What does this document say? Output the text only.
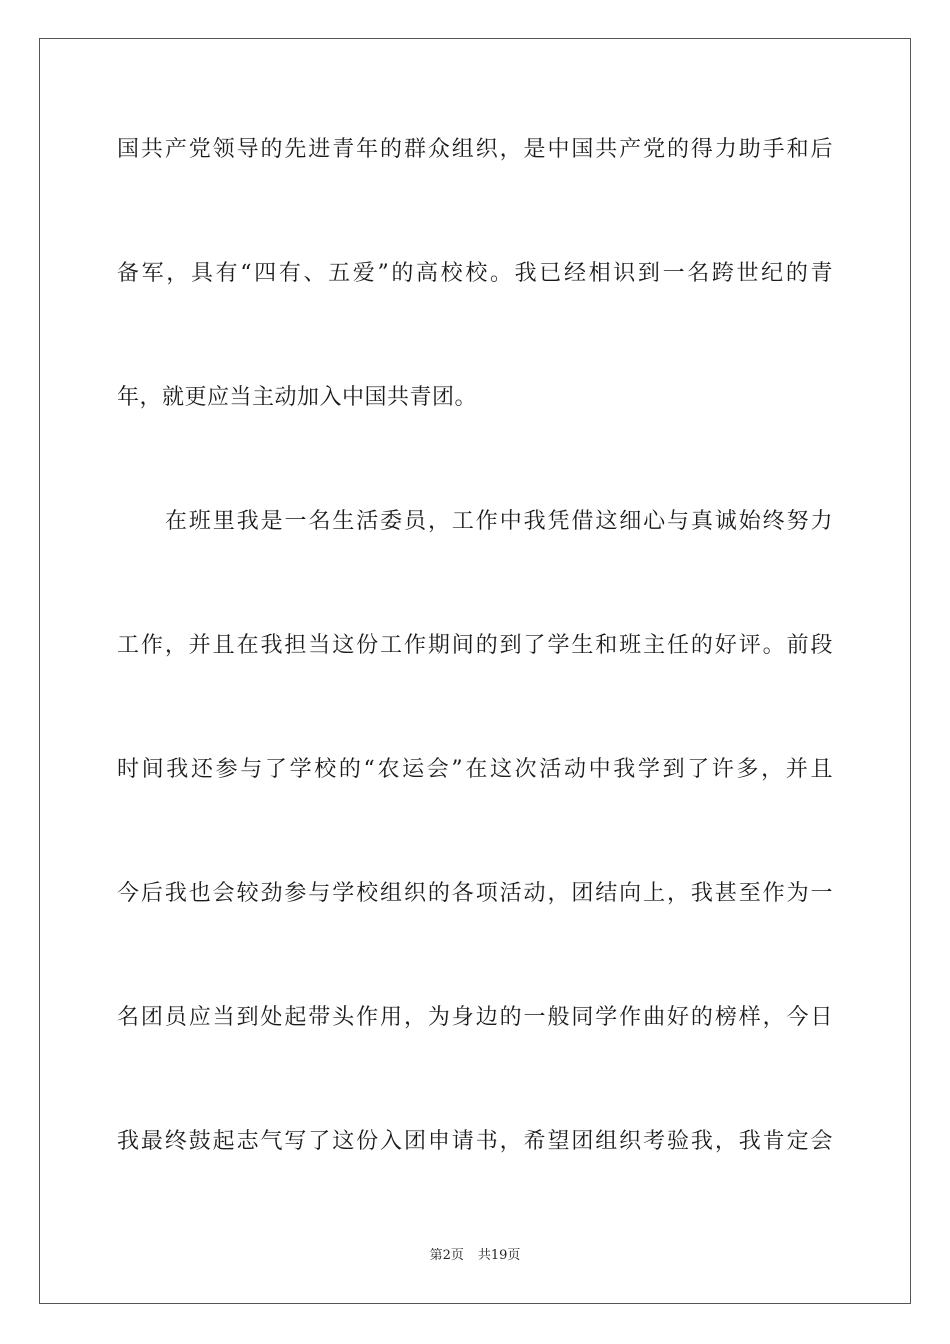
国共产党领导的先进青年的群众组织，是中国共产党的得力助手和后
备军，具有“四有、五爱”的高校校。我已经相识到一名跨世纪的青
年，就更应当主动加入中国共青团。
在班里我是一名生活委员，工作中我凭借这细心与真诚始终努力
工作，并且在我担当这份工作期间的到了学生和班主任的好评。前段
时间我还参与了学校的“农运会”在这次活动中我学到了许多，并且
今后我也会较劲参与学校组织的各项活动，团结向上，我甚至作为一
名团员应当到处起带头作用，为身边的一般同学作曲好的榜样，今日
我最终鼓起志气写了这份入团申请书，希望团组织考验我，我肯定会
第2页 共19页
